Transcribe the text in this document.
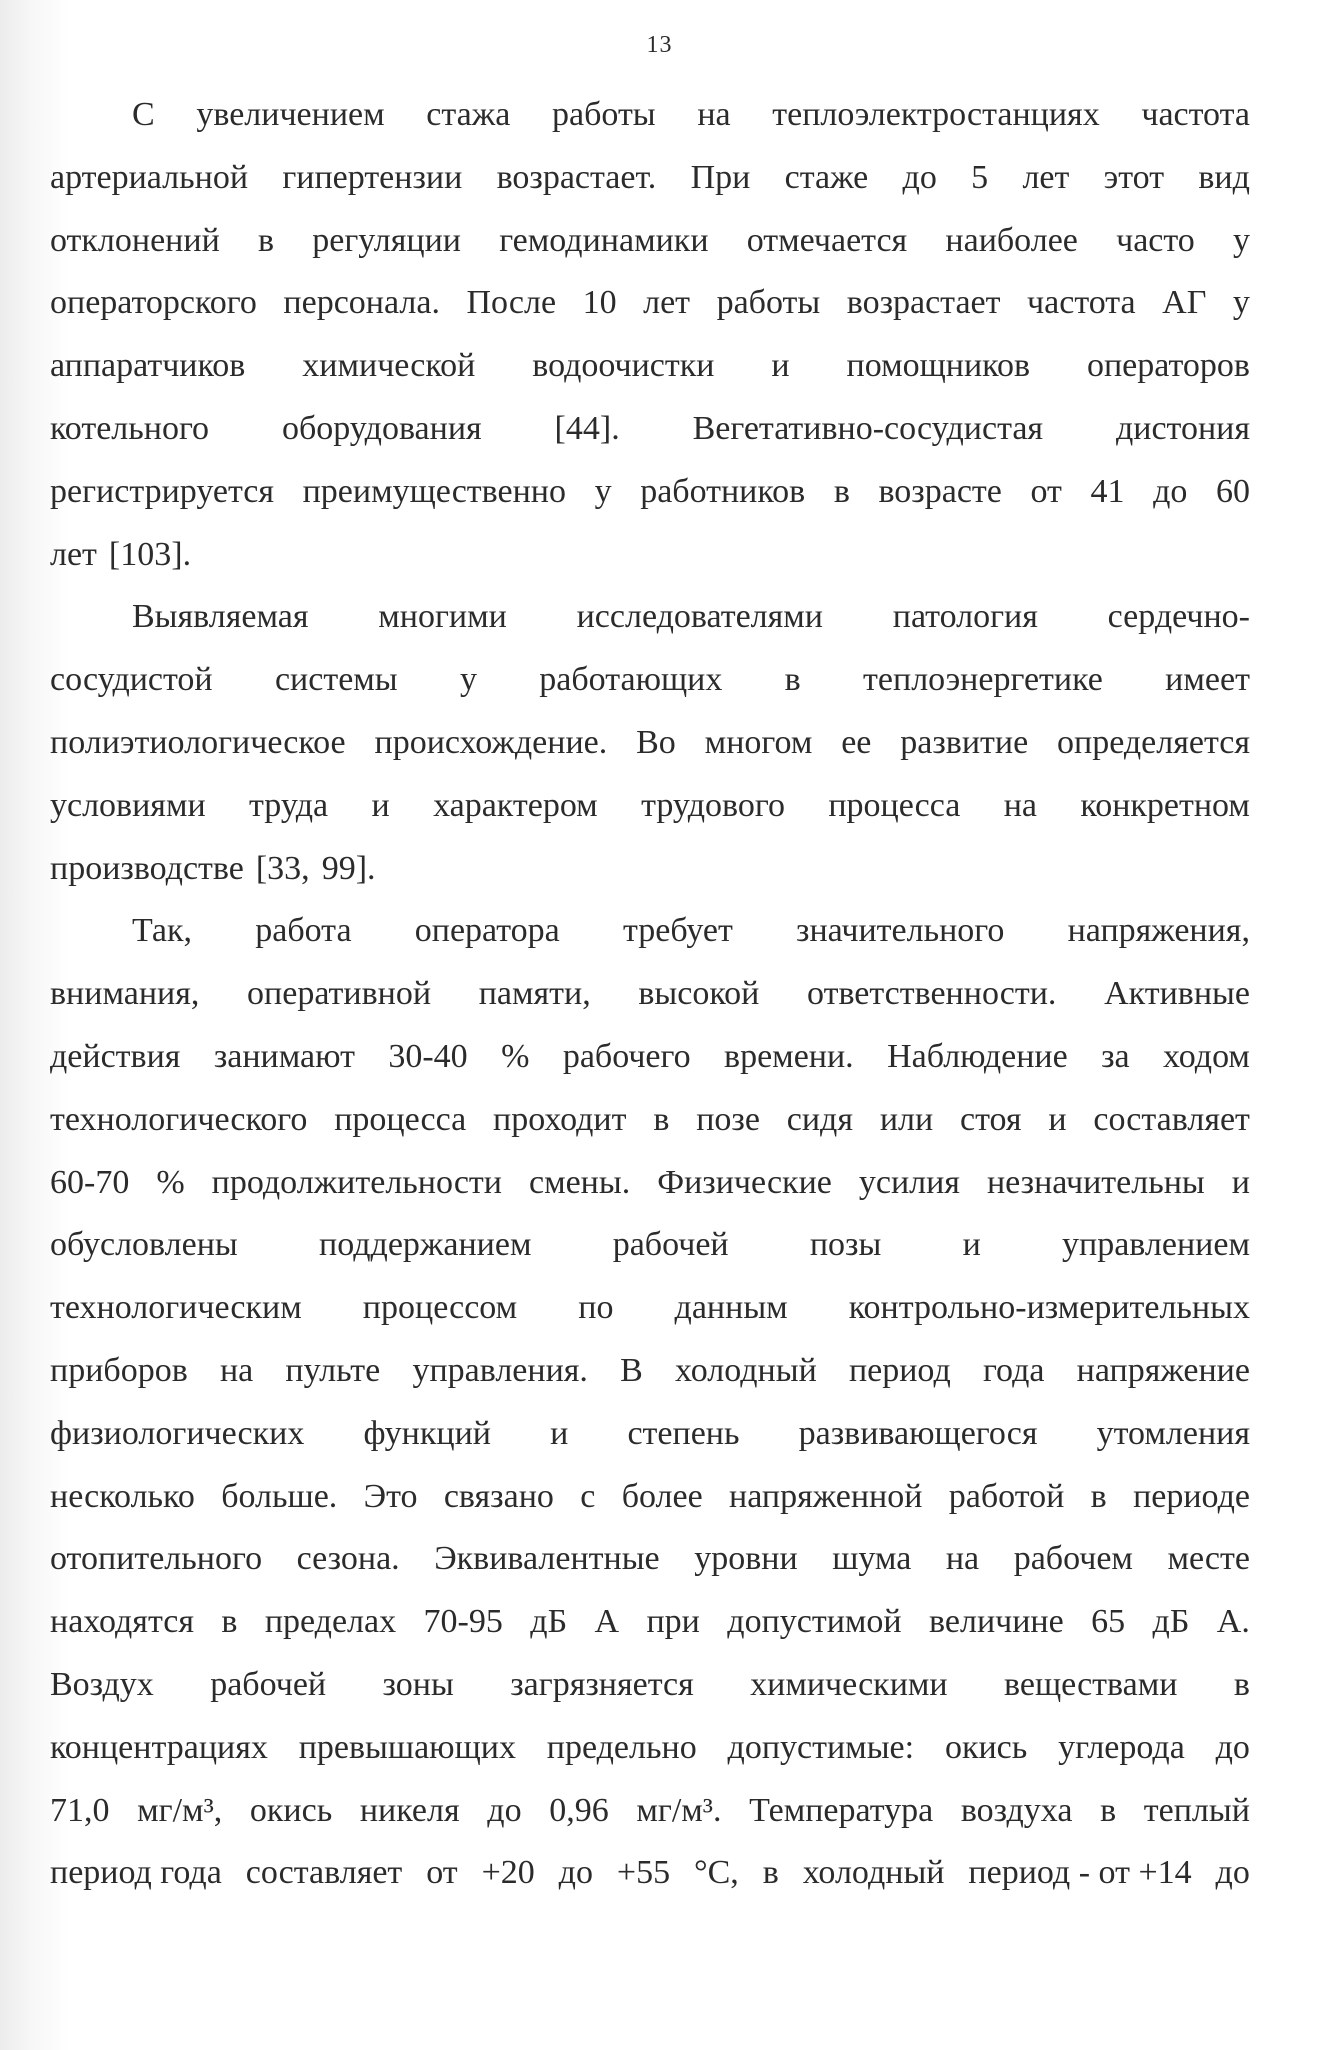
13
С увеличением стажа работы на теплоэлектростанциях частота
артериальной гипертензии возрастает. При стаже до 5 лет этот вид
отклонений в регуляции гемодинамики отмечается наиболее часто у
операторского персонала. После 10 лет работы возрастает частота АГ у
аппаратчиков химической водоочистки и помощников операторов
котельного оборудования [44]. Вегетативно-сосудистая дистония
регистрируется преимущественно у работников в возрасте от 41 до 60
лет [103].
Выявляемая многими исследователями патология сердечно-
сосудистой системы у работающих в теплоэнергетике имеет
полиэтиологическое происхождение. Во многом ее развитие определяется
условиями труда и характером трудового процесса на конкретном
производстве [33, 99].
Так, работа оператора требует значительного напряжения,
внимания, оперативной памяти, высокой ответственности. Активные
действия занимают 30-40 % рабочего времени. Наблюдение за ходом
технологического процесса проходит в позе сидя или стоя и составляет
60-70 % продолжительности смены. Физические усилия незначительны и
обусловлены поддержанием рабочей позы и управлением
технологическим процессом по данным контрольно-измерительных
приборов на пульте управления. В холодный период года напряжение
физиологических функций и степень развивающегося утомления
несколько больше. Это связано с более напряженной работой в периоде
отопительного сезона. Эквивалентные уровни шума на рабочем месте
находятся в пределах 70-95 дБ А при допустимой величине 65 дБ А.
Воздух рабочей зоны загрязняется химическими веществами в
концентрациях превышающих предельно допустимые: окись углерода до
71,0 мг/м³, окись никеля до 0,96 мг/м³. Температура воздуха в теплый
период года составляет от +20 до +55 °С, в холодный период - от +14 до
